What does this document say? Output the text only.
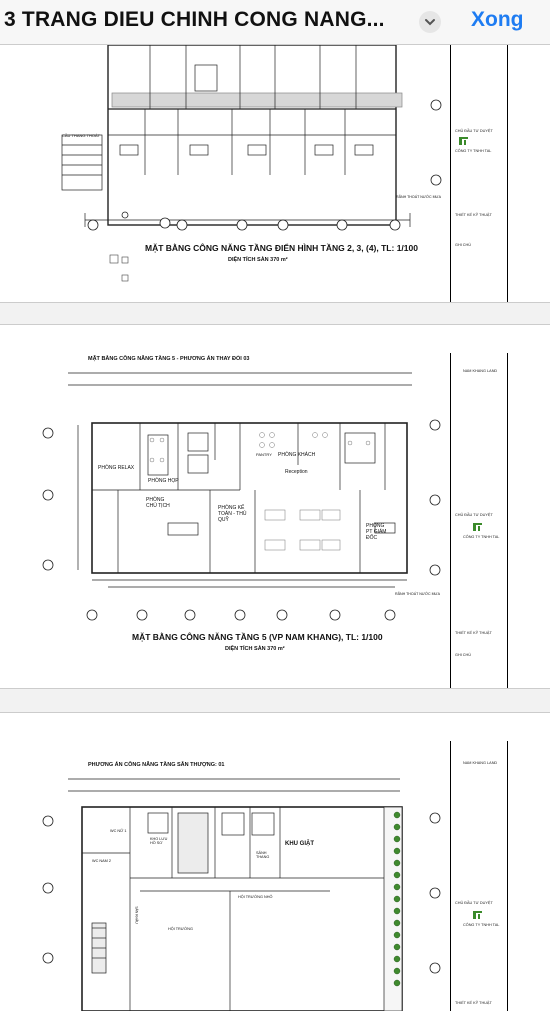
3 TRANG DIEU CHINH CONG NANG...	Xong
CẦU THANG THOÁT
RÃNH THOÁT NƯỚC MƯA
MẶT BẰNG CÔNG NĂNG TẦNG ĐIỂN HÌNH TẦNG 2, 3, (4), TL: 1/100
DIỆN TÍCH SÀN 370 m²
CHỦ ĐẦU TƯ DUYỆT
CÔNG TY TNHH TAL
THIẾT KẾ KỸ THUẬT
GHI CHÚ
MẶT BẰNG CÔNG NĂNG TẦNG 5 - PHƯƠNG ÁN THAY ĐỔI 03
PHÒNG RELAX
PHÒNG HỌP
PHÒNG KHÁCH
PANTRY
Reception
PHÒNG CHỦ TỊCH	PHÒNG KẾ TOÁN - THỦ QUỸ
PHÒNG PT GIÁM ĐỐC
RÃNH THOÁT NƯỚC MƯA
MẶT BẰNG CÔNG NĂNG TẦNG 5 (VP NAM KHANG), TL: 1/100
DIỆN TÍCH SÀN 370 m²
NAM KHANG LAND
CHỦ ĐẦU TƯ DUYỆT
CÔNG TY TNHH TAL
THIẾT KẾ KỸ THUẬT
GHI CHÚ
PHƯƠNG ÁN CÔNG NĂNG TẦNG SÂN THƯỢNG: 01
WC NỮ 1
WC NAM 2
KHO LƯU HỒ SƠ
SẢNH THANG
KHU GIẶT
HỘI TRƯỜNG NHỎ
HỘI TRƯỜNG
SÂN KHẤU
NAM KHANG LAND
CHỦ ĐẦU TƯ DUYỆT
CÔNG TY TNHH TAL
THIẾT KẾ KỸ THUẬT
